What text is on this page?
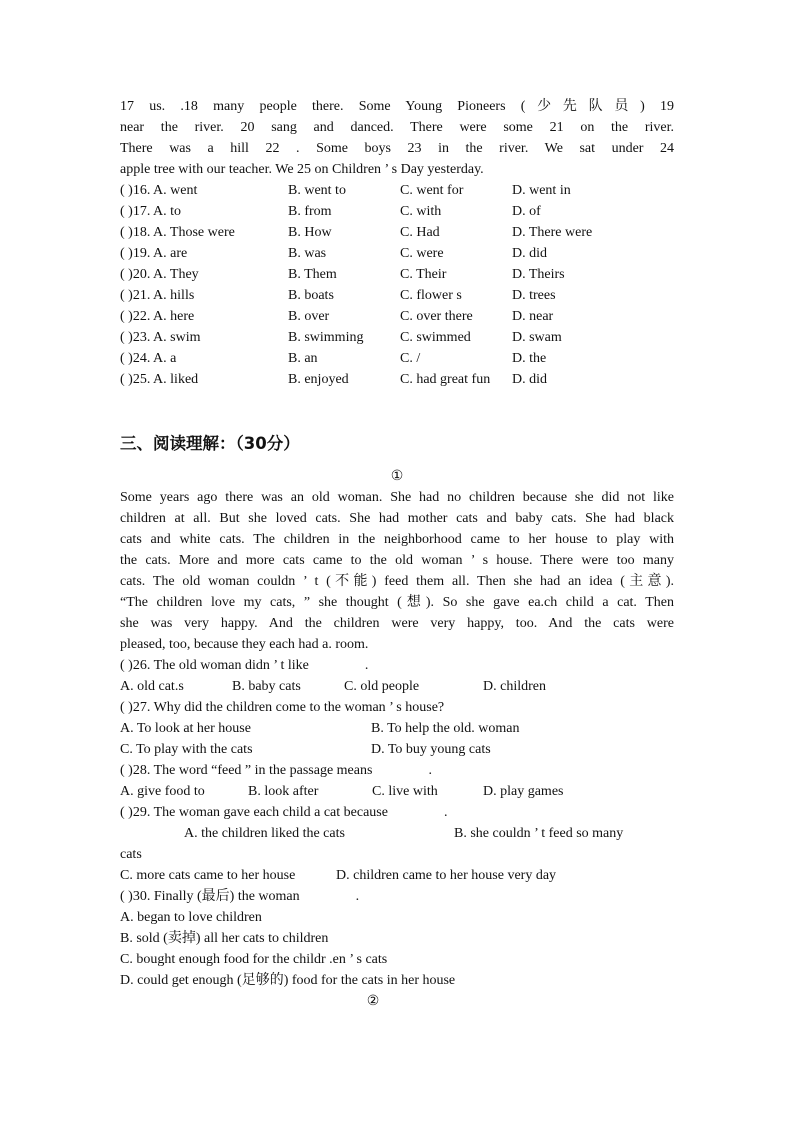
17 us. .18 many people there. Some Young Pioneers (少先队员) 19
near the river. 20 sang and danced. There were some 21 on the river.
There was a hill 22 . Some boys 23 in the river. We sat under 24
apple tree with our teacher. We 25 on Children ’ s Day yesterday.
( )16. A. went	B. went to	C. went for	D. went in
( )17. A. to	B. from	C. with	D. of
( )18. A. Those were	B. How	C. Had	D. There were
( )19. A. are	B. was	C. were	D. did
( )20. A. They	B. Them	C. Their	D. Theirs
( )21. A. hills	B. boats	C. flower s	D. trees
( )22. A. here	B. over	C. over there	D. near
( )23. A. swim	B. swimming	C. swimmed	D. swam
( )24. A. a	B. an	C. /	D. the
( )25. A. liked	B. enjoyed	C. had great fun D. did
三、阅读理解：（30分）
①
Some years ago there was an old woman. She had no children because she did not like
children at all. But she loved cats. She had mother cats and baby cats. She had black
cats and white cats. The children in the neighborhood came to her house to play with
the cats. More and more cats came to the old woman ’ s house. There were too many
cats. The old woman couldn ’ t (不能) feed them all. Then she had an idea (主意).
“The children love my cats, ” she thought (想). So she gave ea.ch child a cat. Then
she was very happy. And the children were very happy, too. And the cats were
pleased, too, because they each had a. room.
( )26. The old woman didn ’ t like	.
A. old cat.s	B. baby cats	C. old people	D. children
( )27. Why did the children come to the woman ’ s house?
A. To look at her house	B. To help the old. woman
C. To play with the cats	D. To buy young cats
( )28. The word “feed ” in the passage means	.
A. give food to	B. look after	C. live with	D. play games
( )29. The woman gave each child a cat because	.
A. the children liked the cats	B. she couldn ’ t feed so many
cats
C. more cats came to her house	D. children came to her house very day
( )30. Finally (最后) the woman	.
A. began to love children
B. sold (卖掉) all her cats to children
C. bought enough food for the childr .en ’ s cats
D. could get enough (足够的) food for the cats in her house
②
